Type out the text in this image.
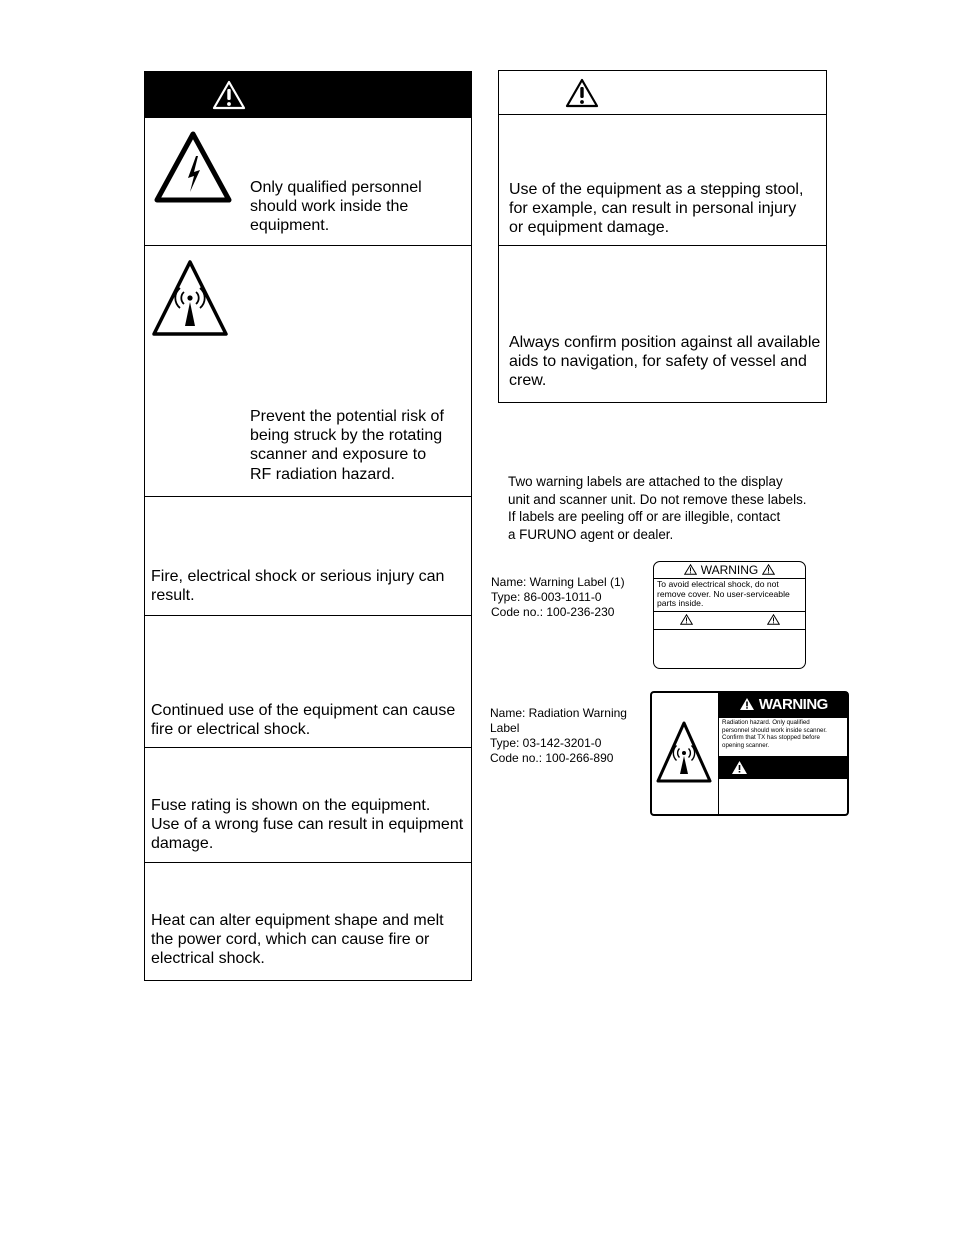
Only qualified personnel
should work inside the
equipment.
Prevent the potential risk of
being struck by the rotating
scanner and exposure to
RF radiation hazard.
Fire, electrical shock or serious injury can
result.
Continued use of the equipment can cause
fire or electrical shock.
Fuse rating is shown on the equipment.
Use of a wrong fuse can result in equipment
damage.
Heat can alter equipment shape and melt
the power cord, which can cause fire or
electrical shock.
Use of the equipment as a stepping stool,
for example, can result in personal injury
or equipment damage.
Always confirm position against all available
aids to navigation, for safety of vessel and
crew.
Two warning labels are attached to the display
unit and scanner unit. Do not remove these labels.
If labels are peeling off or are illegible, contact
a FURUNO agent or dealer.
Name: Warning Label (1)
Type: 86-003-1011-0
Code no.: 100-236-230
WARNING
To avoid electrical shock, do not
remove cover. No user-serviceable
parts inside.
Name: Radiation Warning
Label
Type: 03-142-3201-0
Code no.: 100-266-890
WARNING
Radiation hazard. Only qualified
personnel should work inside scanner.
Confirm that TX has stopped before
opening scanner.
